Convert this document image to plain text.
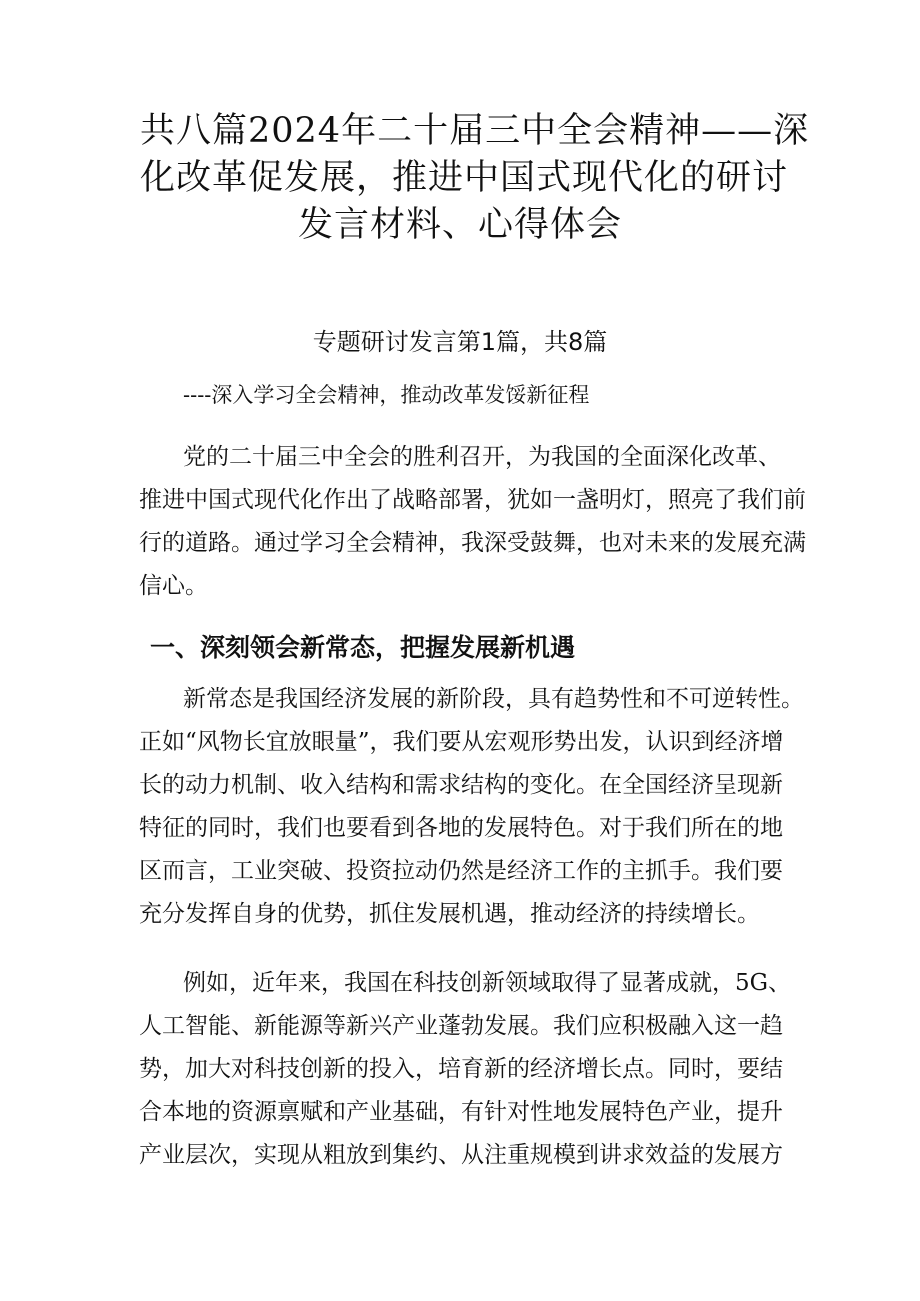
共八篇2024年二十届三中全会精神——深
化改革促发展，推进中国式现代化的研讨
发言材料、心得体会
专题研讨发言第1篇，共8篇

----深入学习全会精神，推动改革发馁新征程

党的二十届三中全会的胜利召开，为我国的全面深化改革、
推进中国式现代化作出了战略部署，犹如一盏明灯，照亮了我们前
行的道路。通过学习全会精神，我深受鼓舞，也对未来的发展充满
信心。

一、深刻领会新常态，把握发展新机遇

新常态是我国经济发展的新阶段，具有趋势性和不可逆转性。
正如“风物长宜放眼量”，我们要从宏观形势出发，认识到经济增
长的动力机制、收入结构和需求结构的变化。在全国经济呈现新
特征的同时，我们也要看到各地的发展特色。对于我们所在的地
区而言，工业突破、投资拉动仍然是经济工作的主抓手。我们要
充分发挥自身的优势，抓住发展机遇，推动经济的持续增长。

例如，近年来，我国在科技创新领域取得了显著成就，5G、
人工智能、新能源等新兴产业蓬勃发展。我们应积极融入这一趋
势，加大对科技创新的投入，培育新的经济增长点。同时，要结
合本地的资源禀赋和产业基础，有针对性地发展特色产业，提升
产业层次，实现从粗放到集约、从注重规模到讲求效益的发展方
